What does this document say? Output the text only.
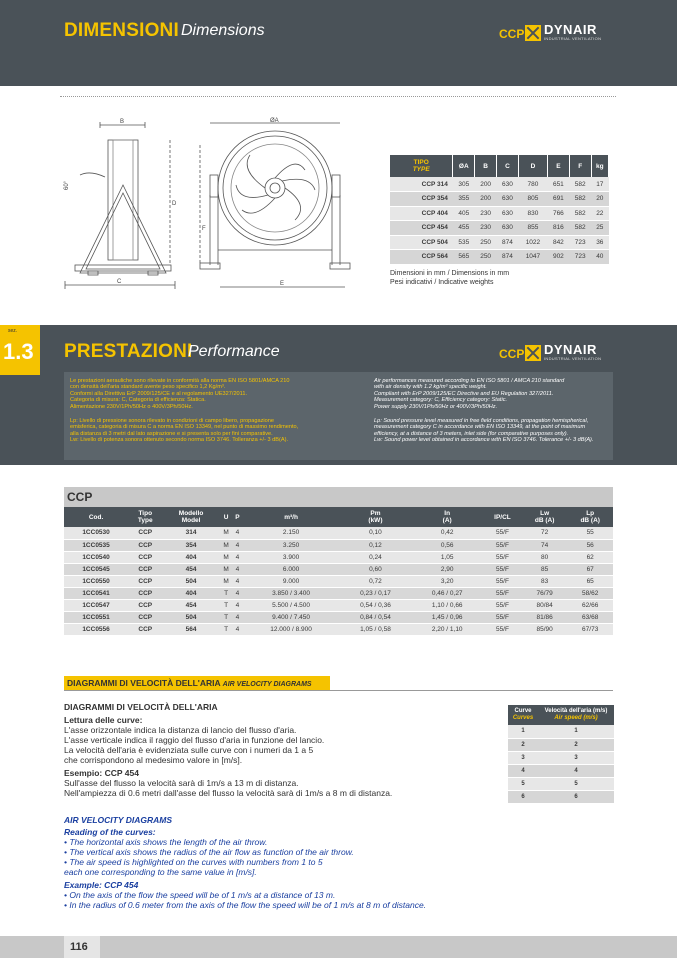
DIMENSIONI Dimensions	CCP DYNAIR
INDUSTRIAL VENTILATION
B	ØA
C
D
E
F
60°
TIPO
TYPE	ØA	B	C	D	E	F	kg
CCP 314	305	200	630	780	651	582	17
CCP 354	355	200	630	805	691	582	20
CCP 404	405	230	630	830	766	582	22
CCP 454	455	230	630	855	816	582	25
CCP 504	535	250	874	1022	842	723	36
CCP 564	565	250	874	1047	902	723	40
Dimensioni in mm / Dimensions in mm
Pesi indicativi / Indicative weights
sez.
1.3 PRESTAZIONI
Performance	CCP DYNAIR
INDUSTRIAL VENTILATION
Le prestazioni aerauliche sono rilevate in conformità alla norma EN ISO 5801/AMCA 210
con densità dell'aria standard avente peso specifico 1,2 Kg/m³.
Conformi alla Direttiva ErP 2009/125/CE e al regolamento UE327/2011.
Categoria di misura: C, Categoria di efficienza: Statica.
Alimentazione 230V/1Ph/50Hz o 400V/3Ph/50Hz.
Lp: Livello di pressione sonora rilevato in condizioni di campo libero, propagazione
emisferica, categoria di misura C a norma EN ISO 13349, nel punto di massimo rendimento,
alla distanza di 3 metri dal lato aspirazione e si presenta solo per fini comparative.
Lw: Livello di potenza sonora ottenuto secondo norma ISO 3746. Tolleranza +/- 3 dB(A).
Air performances measured according to EN ISO 5801 / AMCA 210 standard
with air density with 1.2 kg/m³ specific weight.
Compliant with ErP 2009/125/EC Directive and EU Regulation 327/2011.
Measurement category: C, Efficiency category: Static.
Power supply 230V/1Ph/50Hz or 400V/3Ph/50Hz.
Lp: Sound pressure level measured in free field conditions, propagation hemispherical,
measurement category C in accordance with EN ISO 13349, at the point of maximum
efficiency, at a distance of 3 meters, inlet side (for comparative purposes only).
Lw: Sound power level obtained in accordance with EN ISO 3746. Tolerance +/- 3 dB(A).
CCP
Cod.	Tipo
Type	Modello
Model	U	P	m³/h	Pm
(kW)	In
(A)	IP/CL	Lw
dB (A)	Lp
dB (A)
1CC0530	CCP	314	M	4	2.150	0,10	0,42	55/F	72	55
1CC0535	CCP	354	M	4	3.250	0,12	0,56	55/F	74	56
1CC0540	CCP	404	M	4	3.900	0,24	1,05	55/F	80	62
1CC0545	CCP	454	M	4	6.000	0,60	2,90	55/F	85	67
1CC0550	CCP	504	M	4	9.000	0,72	3,20	55/F	83	65
1CC0541	CCP	404	T	4	3.850 / 3.400	0,23 / 0,17	0,46 / 0,27	55/F	76/79	58/62
1CC0547	CCP	454	T	4	5.500 / 4.500	0,54 / 0,36	1,10 / 0,66	55/F	80/84	62/66
1CC0551	CCP	504	T	4	9.400 / 7.450	0,84 / 0,54	1,45 / 0,96	55/F	81/86	63/68
1CC0556	CCP	564	T	4	12.000 / 8.900	1,05 / 0,58	2,20 / 1,10	55/F	85/90	67/73
DIAGRAMMI DI VELOCITÀ DELL'ARIA AIR VELOCITY DIAGRAMS
DIAGRAMMI DI VELOCITÀ DELL'ARIA
Lettura delle curve:
L'asse orizzontale indica la distanza di lancio del flusso d'aria.
L'asse verticale indica il raggio del flusso d'aria in funzione del lancio.
La velocità dell'aria è evidenziata sulle curve con i numeri da 1 a 5
che corrispondono al medesimo valore in [m/s].
Esempio: CCP 454
Sull'asse del flusso la velocità sarà di 1m/s a 13 m di distanza.
Nell'ampiezza di 0.6 metri dall'asse del flusso la velocità sarà di 1m/s a 8 m di distanza.
AIR VELOCITY DIAGRAMS
Reading of the curves:
• The horizontal axis shows the length of the air throw.
• The vertical axis shows the radius of the air flow as function of the air throw.
• The air speed is highlighted on the curves with numbers from 1 to 5
each one corresponding to the same value in [m/s].
Example: CCP 454
• On the axis of the flow the speed will be of 1 m/s at a distance of 13 m.
• In the radius of 0.6 meter from the axis of the flow the speed will be of 1 m/s at 8 m of distance.
Curve
Curves	Velocità dell'aria (m/s)
Air speed (m/s)
1	1
2	2
3	3
4	4
5	5
6	6
116
